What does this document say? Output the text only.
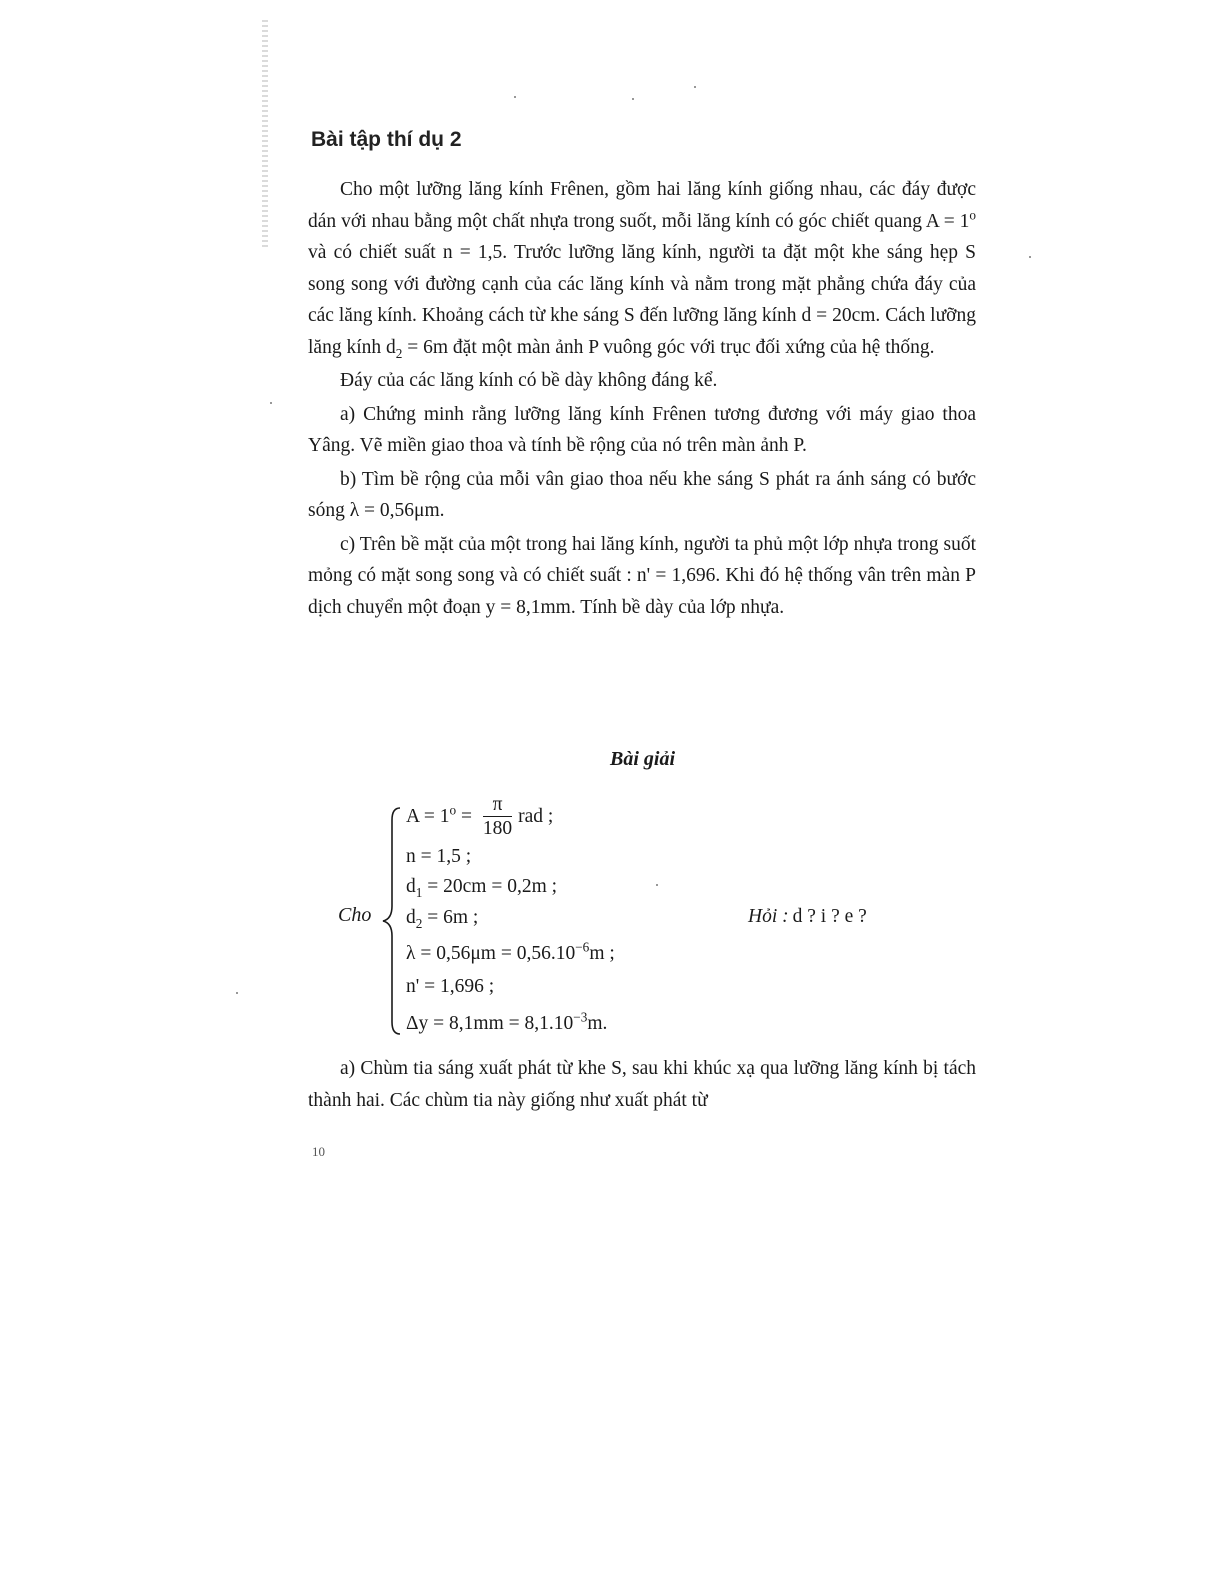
Bài tập thí dụ 2

Cho một lưỡng lăng kính Frênen, gồm hai lăng kính giống nhau, các đáy được dán với nhau bằng một chất nhựa trong suốt, mỗi lăng kính có góc chiết quang $A = 1^o$ và có chiết suất n = 1,5. Trước lưỡng lăng kính, người ta đặt một khe sáng hẹp S song song với đường cạnh của các lăng kính và nằm trong mặt phẳng chứa đáy của các lăng kính. Khoảng cách từ khe sáng S đến lưỡng lăng kính d = 20cm. Cách lưỡng lăng kính $d_2 = 6m$ đặt một màn ảnh P vuông góc với trục đối xứng của hệ thống.

Đáy của các lăng kính có bề dày không đáng kể.

a) Chứng minh rằng lưỡng lăng kính Frênen tương đương với máy giao thoa Yâng. Vẽ miền giao thoa và tính bề rộng của nó trên màn ảnh P.

b) Tìm bề rộng của mỗi vân giao thoa nếu khe sáng S phát ra ánh sáng có bước sóng λ = 0,56μm.

c) Trên bề mặt của một trong hai lăng kính, người ta phủ một lớp nhựa trong suốt mỏng có mặt song song và có chiết suất : n' = 1,696. Khi đó hệ thống vân trên màn P dịch chuyển một đoạn y = 8,1mm. Tính bề dày của lớp nhựa.

Bài giải
Cho
$A = 1^o = \frac{\pi}{180}$ rad ;
n = 1,5 ;
$d_1 = 20cm = 0,2m$ ;
$d_2 = 6m$ ;
$\lambda = 0,56\mu m = 0,56.10^{-6}m$ ;
n' = 1,696 ;
$\Delta y = 8,1mm = 8,1.10^{-3}m$.
Hỏi : d ? i ? e ?

a) Chùm tia sáng xuất phát từ khe S, sau khi khúc xạ qua lưỡng lăng kính bị tách thành hai. Các chùm tia này giống như xuất phát từ

10
